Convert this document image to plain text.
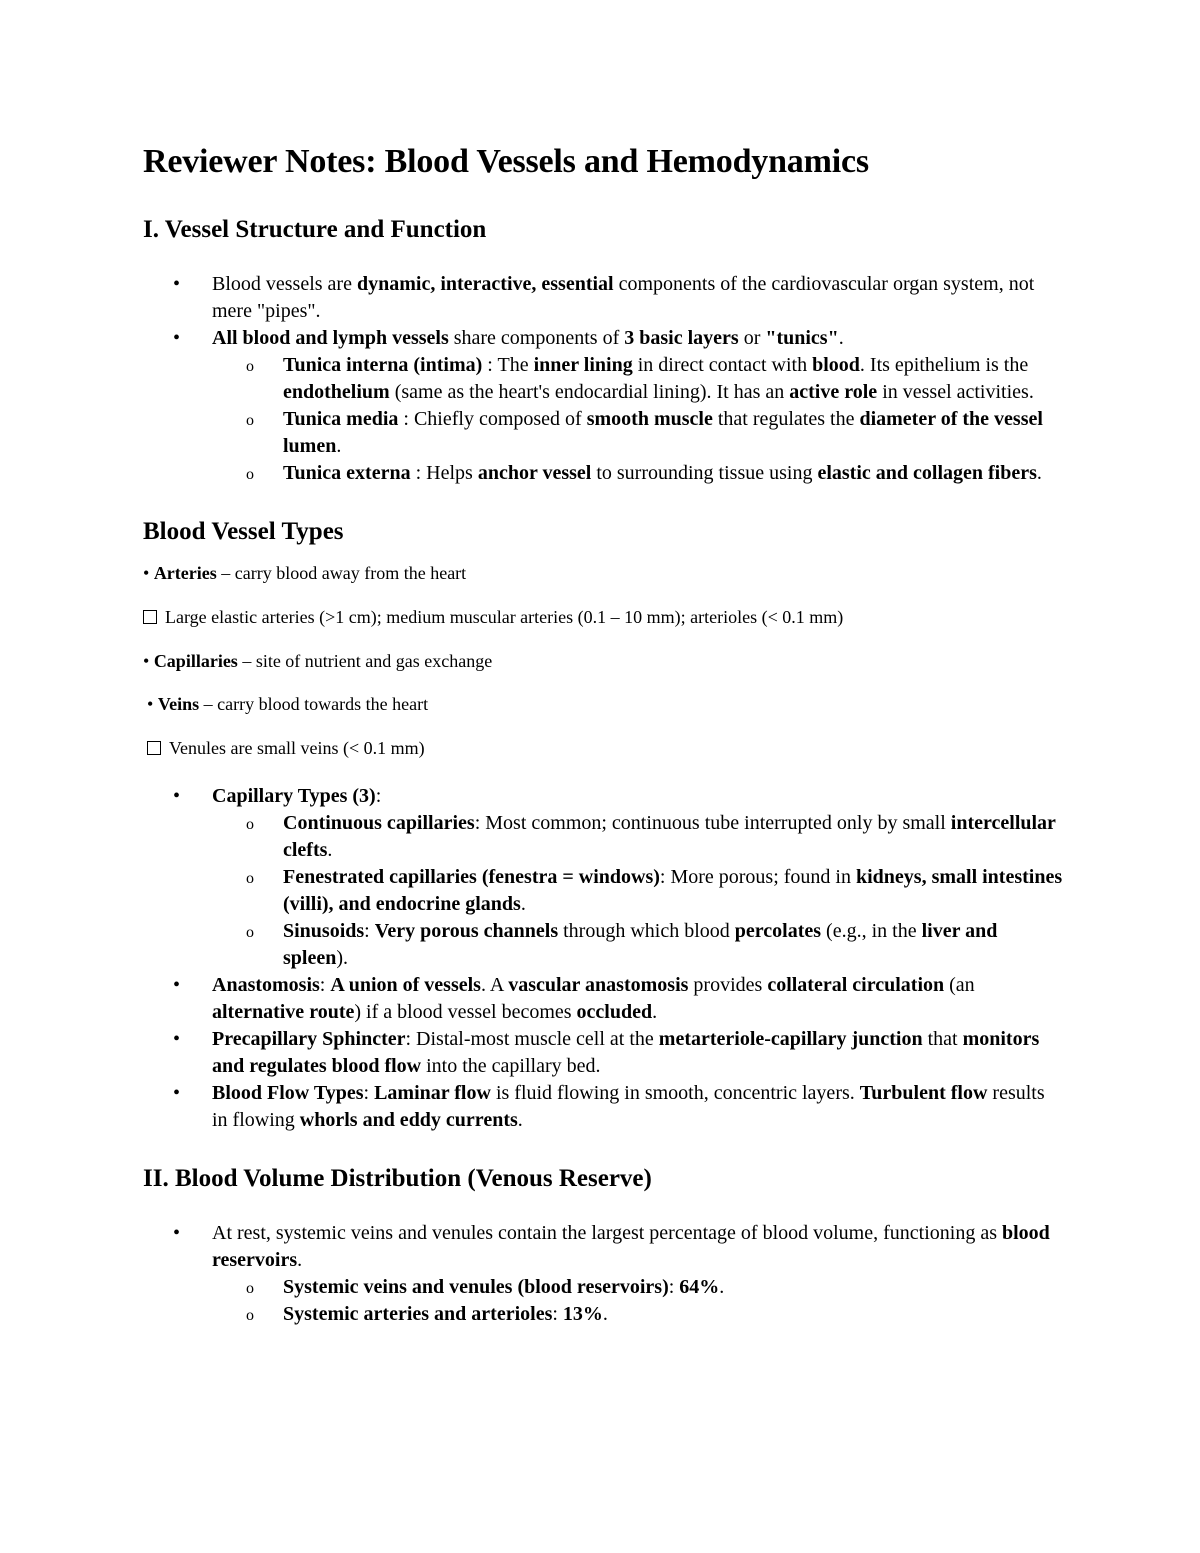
Reviewer Notes: Blood Vessels and Hemodynamics
I. Vessel Structure and Function
• Blood vessels are dynamic, interactive, essential components of the cardiovascular organ system, not mere "pipes".
• All blood and lymph vessels share components of 3 basic layers or "tunics".
o Tunica interna (intima) : The inner lining in direct contact with blood. Its epithelium is the endothelium (same as the heart's endocardial lining). It has an active role in vessel activities.
o Tunica media : Chiefly composed of smooth muscle that regulates the diameter of the vessel lumen.
o Tunica externa : Helps anchor vessel to surrounding tissue using elastic and collagen fibers.
Blood Vessel Types

• Arteries – carry blood away from the heart

Large elastic arteries (>1 cm); medium muscular arteries (0.1 – 10 mm); arterioles (< 0.1 mm)

• Capillaries – site of nutrient and gas exchange

• Veins – carry blood towards the heart

Venules are small veins (< 0.1 mm)

• Capillary Types (3):
o Continuous capillaries: Most common; continuous tube interrupted only by small intercellular clefts.
o Fenestrated capillaries (fenestra = windows): More porous; found in kidneys, small intestines (villi), and endocrine glands.
o Sinusoids: Very porous channels through which blood percolates (e.g., in the liver and spleen).
• Anastomosis: A union of vessels. A vascular anastomosis provides collateral circulation (an alternative route) if a blood vessel becomes occluded.
• Precapillary Sphincter: Distal-most muscle cell at the metarteriole-capillary junction that monitors and regulates blood flow into the capillary bed.
• Blood Flow Types: Laminar flow is fluid flowing in smooth, concentric layers. Turbulent flow results in flowing whorls and eddy currents.
II. Blood Volume Distribution (Venous Reserve)
• At rest, systemic veins and venules contain the largest percentage of blood volume, functioning as blood reservoirs.
o Systemic veins and venules (blood reservoirs): 64%.
o Systemic arteries and arterioles: 13%.
